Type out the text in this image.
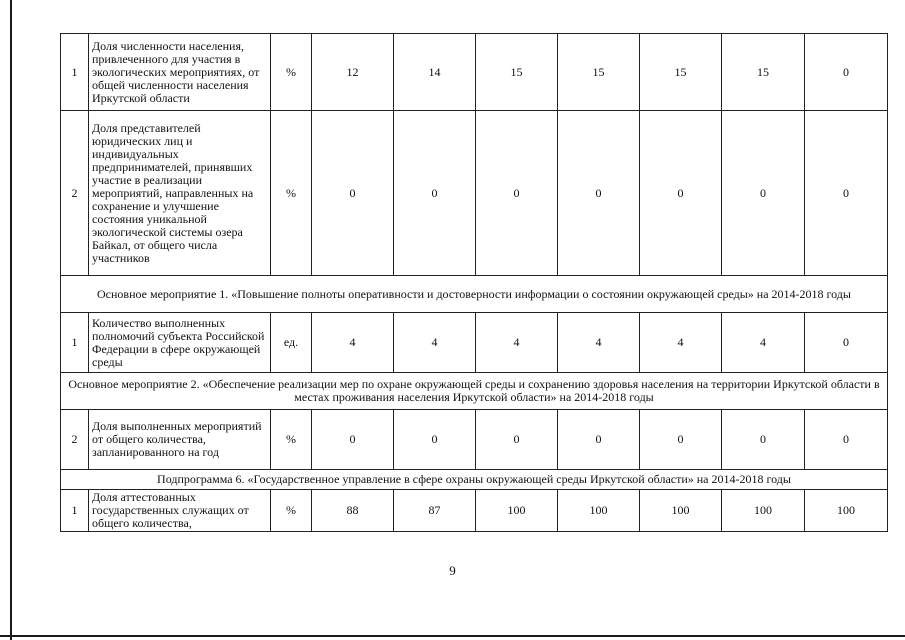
1	Доля численности населения, привлеченного для участия в экологических мероприятиях, от общей численности населения Иркутской области	%	12	14	15	15	15	15	0
2	Доля представителей юридических лиц и индивидуальных предпринимателей, принявших участие в реализации мероприятий, направленных на сохранение и улучшение состояния уникальной экологической системы озера Байкал, от общего числа участников	%	0	0	0	0	0	0	0
Основное мероприятие 1. «Повышение полноты оперативности и достоверности информации о состоянии окружающей среды» на 2014-2018 годы									
1	Количество выполненных полномочий субъекта Российской Федерации в сфере окружающей среды	ед.	4	4	4	4	4	4	0
Основное мероприятие 2. «Обеспечение реализации мер по охране окружающей среды и сохранению здоровья населения на территории Иркутской области в местах проживания населения Иркутской области» на 2014-2018 годы									
2	Доля выполненных мероприятий от общего количества, запланированного на год	%	0	0	0	0	0	0	0
Подпрограмма 6. «Государственное управление в сфере охраны окружающей среды Иркутской области» на 2014-2018 годы									
1	Доля аттестованных государственных служащих от общего количества,	%	88	87	100	100	100	100	100
9
